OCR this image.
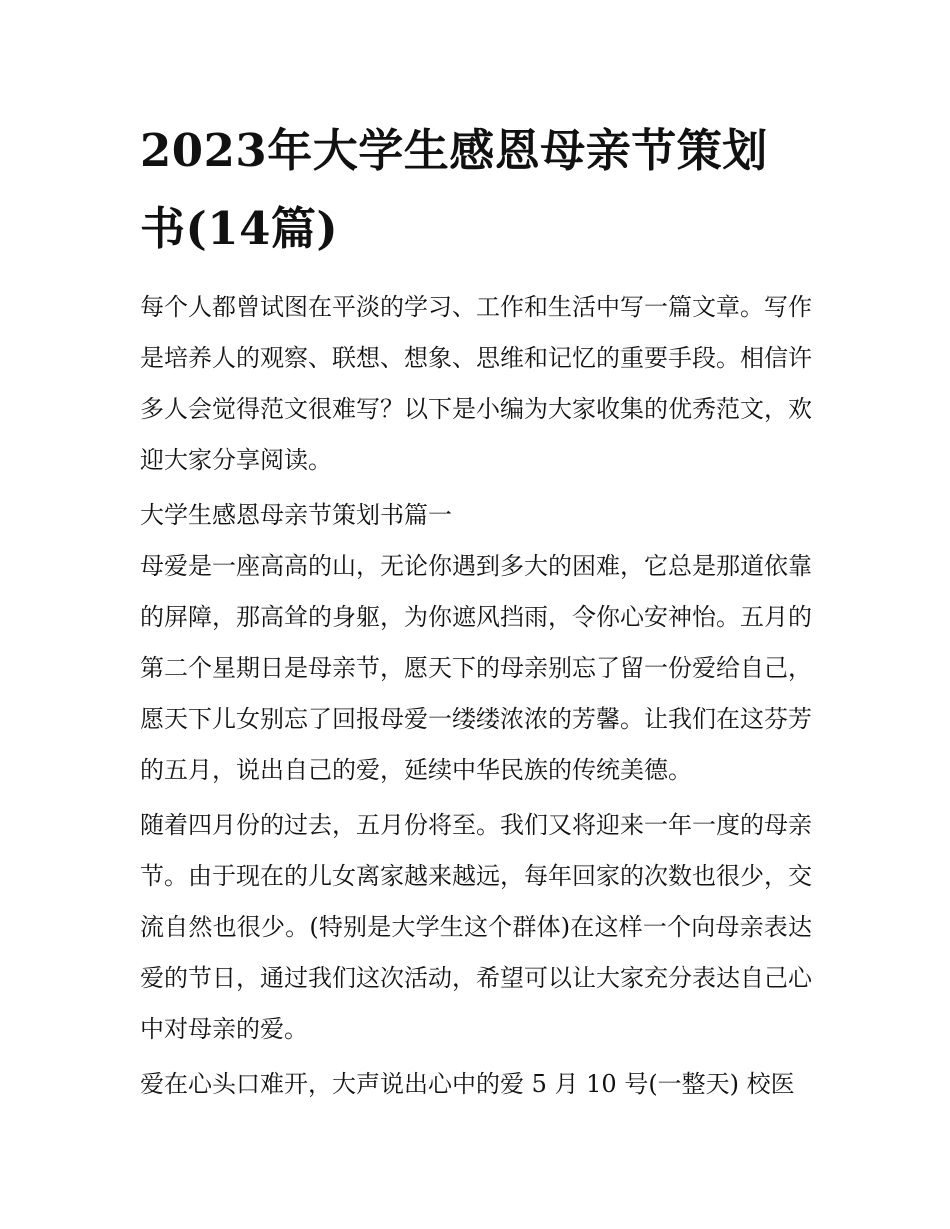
2023年大学生感恩母亲节策划书(14篇)

每个人都曾试图在平淡的学习、工作和生活中写一篇文章。写作是培养人的观察、联想、想象、思维和记忆的重要手段。相信许多人会觉得范文很难写？以下是小编为大家收集的优秀范文，欢迎大家分享阅读。

大学生感恩母亲节策划书篇一

母爱是一座高高的山，无论你遇到多大的困难，它总是那道依靠的屏障，那高耸的身躯，为你遮风挡雨，令你心安神怡。五月的第二个星期日是母亲节，愿天下的母亲别忘了留一份爱给自己，愿天下儿女别忘了回报母爱一缕缕浓浓的芳馨。让我们在这芬芳的五月，说出自己的爱，延续中华民族的传统美德。

随着四月份的过去，五月份将至。我们又将迎来一年一度的母亲节。由于现在的儿女离家越来越远，每年回家的次数也很少，交流自然也很少。(特别是大学生这个群体)在这样一个向母亲表达爱的节日，通过我们这次活动，希望可以让大家充分表达自己心中对母亲的爱。

爱在心头口难开，大声说出心中的爱 5 月 10 号(一整天) 校医
